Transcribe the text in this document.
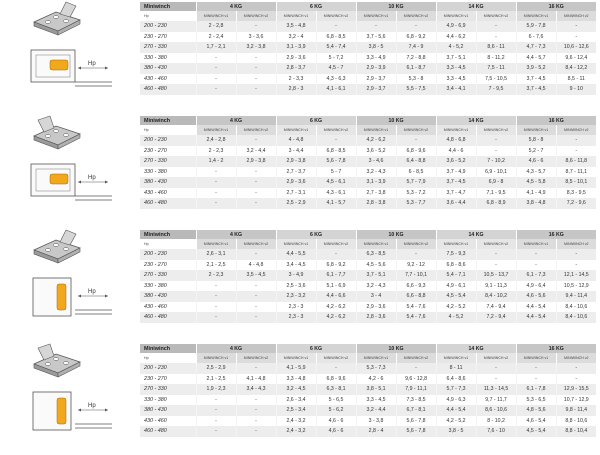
Hp
Miniwinch	4 KG		6 KG		10 KG		14 KG		16 KG	
Hp	MINIWINCH v1	MINIWINCH v2	MINIWINCH v1	MINIWINCH v2	MINIWINCH v1	MINIWINCH v2	MINIWINCH v1	MINIWINCH v2	MINIWINCH v1	MINIWINCH v2
200 - 230	2 - 2,8	-	3,5 - 4,8	-	-	-	4,9 - 6,9	-	5,9 - 7,8	-
230 - 270	2 - 2,4	3 - 3,6	3,2 - 4	6,8 - 8,5	3,7 - 5,6	6,8 - 9,2	4,4 - 6,2	-	6 - 7,6	-
270 - 330	1,7 - 2,1	3,2 - 3,8	3,1 - 3,9	5,4 - 7,4	3,8 - 5	7,4 - 9	4 - 5,2	8,6 - 11	4,7 - 7,3	10,6 - 12,6
330 - 380	-	-	2,9 - 3,6	5 - 7,2	3,3 - 4,9	7,2 - 8,8	3,7 - 5,1	8 - 11,2	4,4 - 5,7	9,6 - 12,4
380 - 430	-	-	2,8 - 3,7	4,5 - 7	2,9 - 3,9	6,1 - 8,7	3,3 - 4,5	7,5 - 11	3,9 - 5,2	8,4 - 12,2
430 - 460	-	-	2 - 3,3	4,3 - 6,3	2,9 - 3,7	5,3 - 8	3,3 - 4,5	7,5 - 10,5	3,7 - 4,5	8,5 - 11
460 - 480	-	-	2,8 - 3	4,1 - 6,1	2,9 - 3,7	5,5 - 7,5	3,4 - 4,1	7 - 9,5	3,7 - 4,5	9 - 10
Hp
Miniwinch	4 KG		6 KG		10 KG		14 KG		16 KG	
Hp	MINIWINCH v1	MINIWINCH v2	MINIWINCH v1	MINIWINCH v2	MINIWINCH v1	MINIWINCH v2	MINIWINCH v1	MINIWINCH v2	MINIWINCH v1	MINIWINCH v2
200 - 230	2,4 - 2,8	-	4 - 4,8	-	4,2 - 6,2	-	4,8 - 6,8	-	5,8 - 8	-
230 - 270	2 - 2,3	3,2 - 4,4	3 - 4,4	6,8 - 8,5	3,6 - 5,2	6,8 - 9,6	4,4 - 6	-	5,2 - 7	-
270 - 330	1,4 - 2	2,9 - 3,8	2,9 - 3,8	5,6 - 7,8	3 - 4,6	6,4 - 8,8	3,6 - 5,2	7 - 10,2	4,6 - 6	8,6 - 11,8
330 - 380	-	-	2,7 - 3,7	5 - 7	3,2 - 4,3	6 - 8,5	3,7 - 4,9	6,9 - 10,1	4,3 - 5,7	8,7 - 11,1
380 - 430	-	-	2,9 - 3,6	4,5 - 6,1	3,1 - 3,9	5,7 - 7,9	3,7 - 4,5	6,9 - 8	4,5 - 5,8	8,5 - 10,1
430 - 460	-	-	2,7 - 3,1	4,3 - 6,1	2,7 - 3,8	5,3 - 7,2	3,7 - 4,7	7,1 - 9,5	4,1 - 4,9	8,3 - 9,5
460 - 480	-	-	2,5 - 2,9	4,1 - 5,7	2,8 - 3,8	5,3 - 7,7	3,6 - 4,4	6,8 - 8,9	3,8 - 4,8	7,2 - 9,6
Hp
Miniwinch	4 KG		6 KG		10 KG		14 KG		16 KG	
Hp	MINIWINCH v1	MINIWINCH v2	MINIWINCH v1	MINIWINCH v2	MINIWINCH v1	MINIWINCH v2	MINIWINCH v1	MINIWINCH v2	MINIWINCH v1	MINIWINCH v2
200 - 230	2,6 - 3,1	-	4,4 - 5,5	-	6,3 - 8,5	-	7,5 - 9,3	-	-	-
230 - 270	2,1 - 2,5	4 - 4,8	3,4 - 4,5	6,8 - 9,2	4,5 - 5,6	9,2 - 12	6,8 - 8,6	-	-	-
270 - 330	2 - 2,3	3,5 - 4,5	3 - 4,9	6,1 - 7,7	3,7 - 5,1	7,7 - 10,1	5,4 - 7,1	10,5 - 13,7	6,1 - 7,3	12,1 - 14,5
330 - 380	-	-	2,5 - 3,6	5,1 - 6,9	3,2 - 4,3	6,6 - 9,3	4,9 - 6,1	9,1 - 11,3	4,9 - 6,4	10,5 - 12,9
380 - 430	-	-	2,3 - 3,2	4,4 - 6,6	3 - 4	6,6 - 8,8	4,5 - 5,4	8,4 - 10,2	4,6 - 5,6	9,4 - 11,4
430 - 460	-	-	2,3 - 3	4,2 - 6,2	2,9 - 3,6	5,4 - 7,6	4,2 - 5,2	7,4 - 9,4	4,4 - 5,4	8,4 - 10,6
460 - 480	-	-	2,3 - 3	4,2 - 6,2	2,8 - 3,6	5,4 - 7,6	4 - 5,2	7,2 - 9,4	4,4 - 5,4	8,4 - 10,6
Hp
Miniwinch	4 KG		6 KG		10 KG		14 KG		16 KG	
Hp	MINIWINCH v1	MINIWINCH v2	MINIWINCH v1	MINIWINCH v2	MINIWINCH v1	MINIWINCH v2	MINIWINCH v1	MINIWINCH v2	MINIWINCH v1	MINIWINCH v2
200 - 230	2,5 - 2,9	-	4,1 - 5,9	-	5,3 - 7,3	-	8 - 11	-	-	-
230 - 270	2,1 - 2,5	4,1 - 4,8	3,3 - 4,8	6,8 - 9,6	4,2 - 6	9,6 - 12,8	6,4 - 8,6	-	-	-
270 - 330	1,9 - 2,3	3,4 - 4,3	3,2 - 4,5	6,3 - 8,1	3,8 - 5,1	7,9 - 11,1	5,7 - 7,3	11,3 - 14,5	6,1 - 7,8	12,9 - 15,5
330 - 380	-	-	2,6 - 3,4	5 - 6,5	3,3 - 4,5	7,3 - 8,5	4,9 - 6,3	9,7 - 11,7	5,3 - 6,5	10,7 - 12,9
380 - 430	-	-	2,5 - 3,4	5 - 6,2	3,2 - 4,4	6,7 - 8,1	4,4 - 5,4	8,6 - 10,6	4,8 - 5,6	9,8 - 11,4
430 - 460	-	-	2,4 - 3,2	4,6 - 6	3 - 3,8	5,6 - 7,8	4,2 - 5,2	8 - 10,2	4,6 - 5,4	8,8 - 10,6
460 - 480	-	-	2,4 - 3,2	4,6 - 6	2,8 - 4	5,6 - 7,8	3,8 - 5	7,6 - 10	4,5 - 5,4	8,8 - 10,4
